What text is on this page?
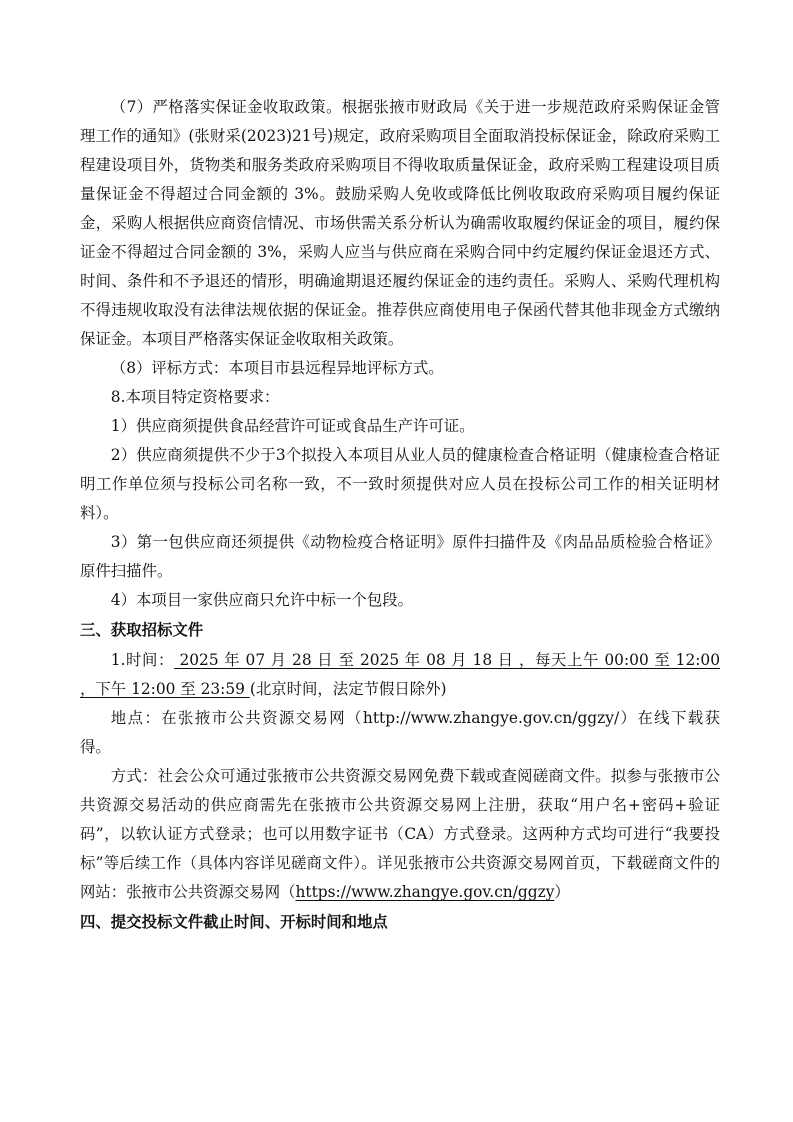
（7）严格落实保证金收取政策。根据张掖市财政局《关于进一步规范政府采购保证金管理工作的通知》(张财采(2023)21号)规定，政府采购项目全面取消投标保证金，除政府采购工程建设项目外，货物类和服务类政府采购项目不得收取质量保证金，政府采购工程建设项目质量保证金不得超过合同金额的 3%。鼓励采购人免收或降低比例收取政府采购项目履约保证金，采购人根据供应商资信情况、市场供需关系分析认为确需收取履约保证金的项目，履约保证金不得超过合同金额的 3%，采购人应当与供应商在采购合同中约定履约保证金退还方式、时间、条件和不予退还的情形，明确逾期退还履约保证金的违约责任。采购人、采购代理机构不得违规收取没有法律法规依据的保证金。推荐供应商使用电子保函代替其他非现金方式缴纳保证金。本项目严格落实保证金收取相关政策。

（8）评标方式：本项目市县远程异地评标方式。

8.本项目特定资格要求：

1）供应商须提供食品经营许可证或食品生产许可证。

2）供应商须提供不少于3个拟投入本项目从业人员的健康检查合格证明（健康检查合格证明工作单位须与投标公司名称一致，不一致时须提供对应人员在投标公司工作的相关证明材料）。

3）第一包供应商还须提供《动物检疫合格证明》原件扫描件及《肉品品质检验合格证》原件扫描件。

4）本项目一家供应商只允许中标一个包段。

三、获取招标文件

1.时间： 2025 年 07 月 28 日 至 2025 年 08 月 18 日 ，每天上午 00:00 至 12:00 ，下午 12:00 至 23:59 (北京时间，法定节假日除外)

地点：在张掖市公共资源交易网（http://www.zhangye.gov.cn/ggzy/）在线下载获得。

方式：社会公众可通过张掖市公共资源交易网免费下载或查阅磋商文件。拟参与张掖市公共资源交易活动的供应商需先在张掖市公共资源交易网上注册，获取“用户名+密码+验证码”，以软认证方式登录；也可以用数字证书（CA）方式登录。这两种方式均可进行“我要投标”等后续工作（具体内容详见磋商文件）。详见张掖市公共资源交易网首页，下载磋商文件的网站：张掖市公共资源交易网（https://www.zhangye.gov.cn/ggzy）

四、提交投标文件截止时间、开标时间和地点
